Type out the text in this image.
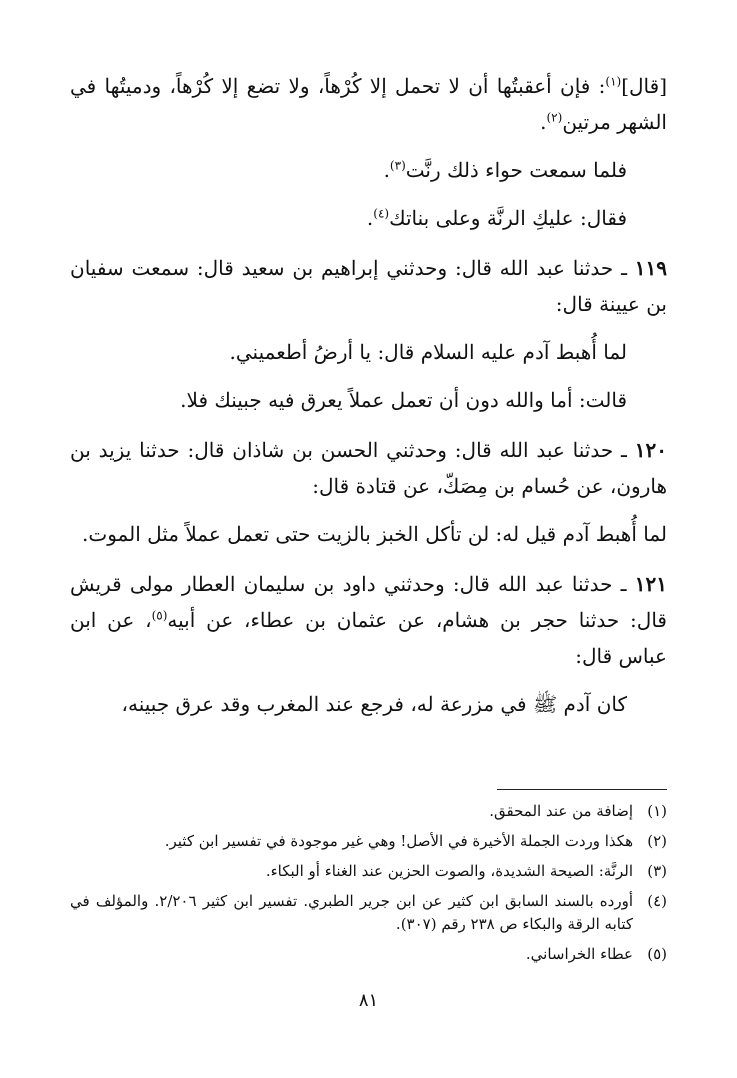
[قال]$^{(١)}$: فإن أعقبتُها أن لا تحمل إلا كُرْهاً، ولا تضع إلا كُرْهاً، ودميتُها في الشهر مرتين$^{(٢)}$.

فلما سمعت حواء ذلك رنَّت$^{(٣)}$.

فقال: عليكِ الرنَّة وعلى بناتك$^{(٤)}$.

١١٩ ـ حدثنا عبد الله قال: وحدثني إبراهيم بن سعيد قال: سمعت سفيان بن عيينة قال:

لما أُهبط آدم عليه السلام قال: يا أرضُ أطعميني.

قالت: أما والله دون أن تعمل عملاً يعرق فيه جبينك فلا.

١٢٠ ـ حدثنا عبد الله قال: وحدثني الحسن بن شاذان قال: حدثنا يزيد بن هارون، عن حُسام بن مِصَكّ، عن قتادة قال:

لما أُهبط آدم قيل له: لن تأكل الخبز بالزيت حتى تعمل عملاً مثل الموت.

١٢١ ـ حدثنا عبد الله قال: وحدثني داود بن سليمان العطار مولى قريش قال: حدثنا حجر بن هشام، عن عثمان بن عطاء، عن أبيه$^{(٥)}$، عن ابن عباس قال:

كان آدم ﷺ في مزرعة له، فرجع عند المغرب وقد عرق جبينه،

(١)
إضافة من عند المحقق.
(٢)
هكذا وردت الجملة الأخيرة في الأصل! وهي غير موجودة في تفسير ابن كثير.
(٣)
الرنَّة: الصيحة الشديدة، والصوت الحزين عند الغناء أو البكاء.
(٤)
أورده بالسند السابق ابن كثير عن ابن جرير الطبري. تفسير ابن كثير ٢/٢٠٦. والمؤلف في كتابه الرقة والبكاء ص ٢٣٨ رقم (٣٠٧).
(٥)
عطاء الخراساني.
٨١
